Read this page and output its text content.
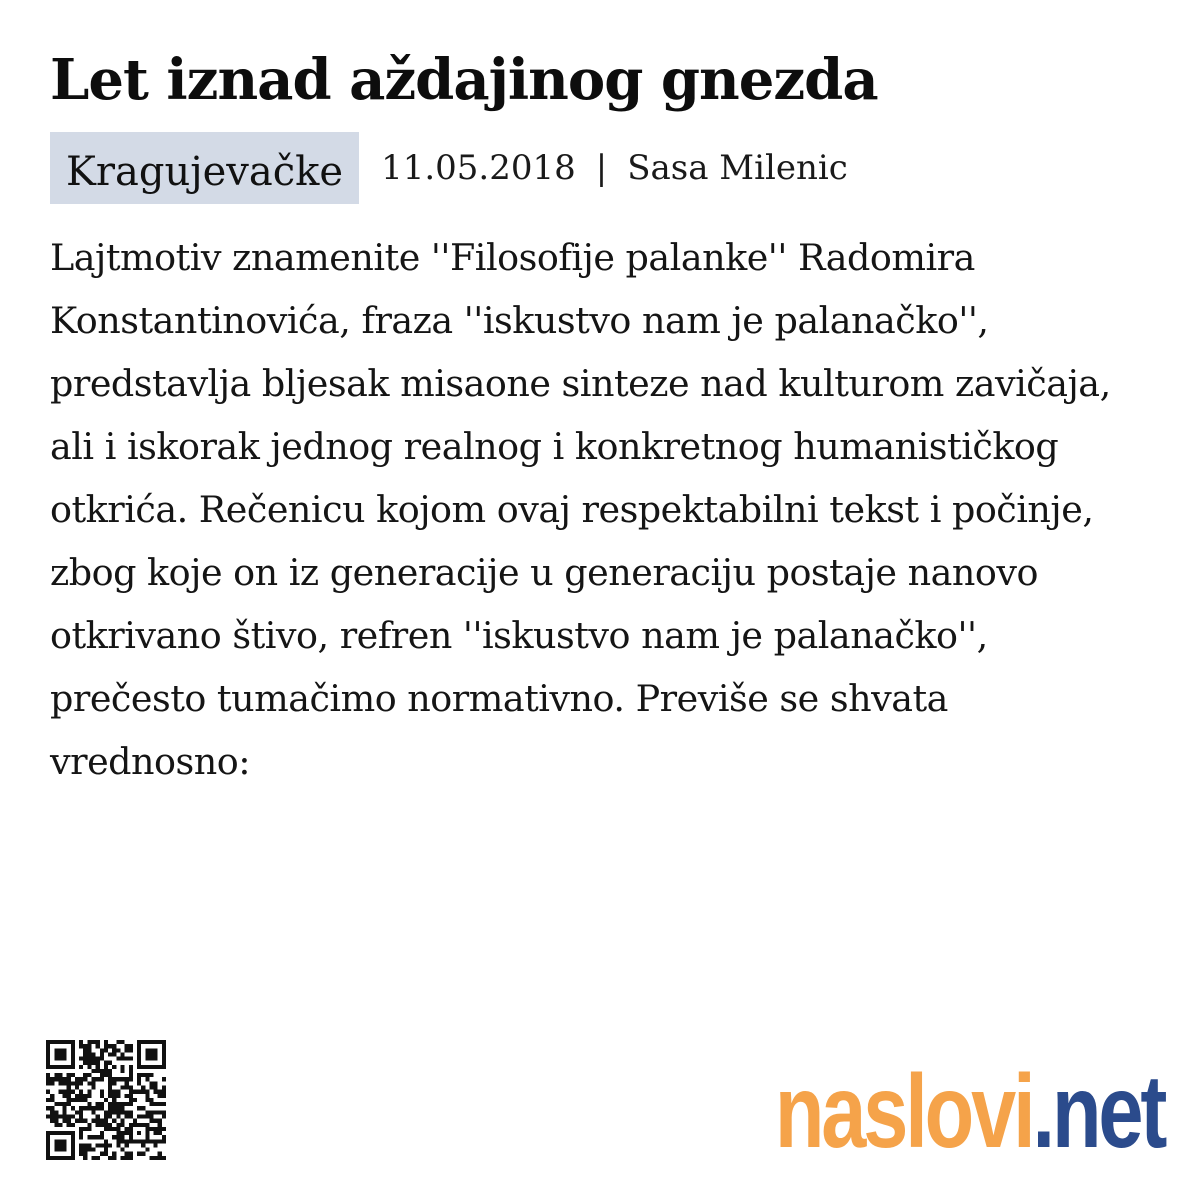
Let iznad aždajinog gnezda
Kragujevačke	11.05.2018 | Sasa Milenic

Lajtmotiv znamenite ''Filosofije palanke'' Radomira Konstantinovića, fraza ''iskustvo nam je palanačko'', predstavlja bljesak misaone sinteze nad kulturom zavičaja, ali i iskorak jednog realnog i konkretnog humanističkog otkrića. Rečenicu kojom ovaj respektabilni tekst i počinje, zbog koje on iz generacije u generaciju postaje nanovo otkrivano štivo, refren ''iskustvo nam je palanačko'', prečesto tumačimo normativno. Previše se shvata vrednosno:

naslovi .net
